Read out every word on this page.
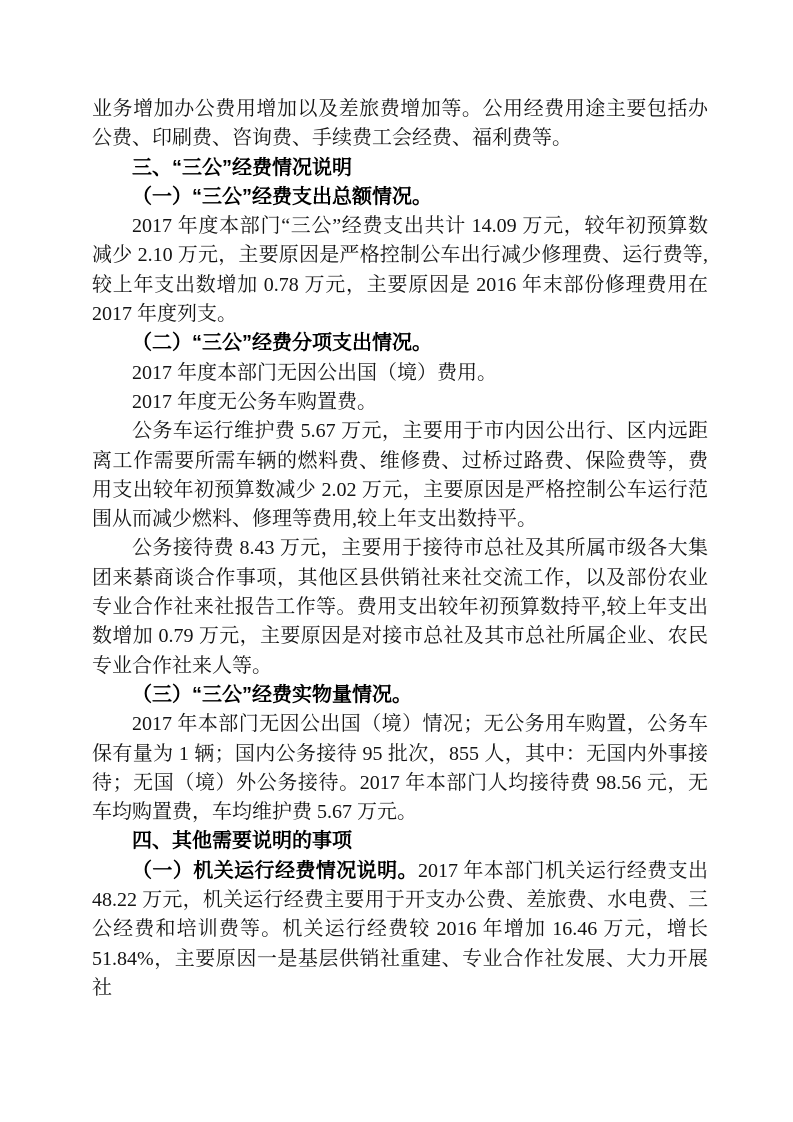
业务增加办公费用增加以及差旅费增加等。公用经费用途主要包括办公费、印刷费、咨询费、手续费工会经费、福利费等。

三、“三公”经费情况说明

（一）“三公”经费支出总额情况。

2017 年度本部门“三公”经费支出共计 14.09 万元，较年初预算数减少 2.10 万元，主要原因是严格控制公车出行减少修理费、运行费等,较上年支出数增加 0.78 万元，主要原因是 2016 年末部份修理费用在 2017 年度列支。

（二）“三公”经费分项支出情况。

2017 年度本部门无因公出国（境）费用。

2017 年度无公务车购置费。

公务车运行维护费 5.67 万元，主要用于市内因公出行、区内远距离工作需要所需车辆的燃料费、维修费、过桥过路费、保险费等，费用支出较年初预算数减少 2.02 万元，主要原因是严格控制公车运行范围从而减少燃料、修理等费用,较上年支出数持平。

公务接待费 8.43 万元，主要用于接待市总社及其所属市级各大集团来綦商谈合作事项，其他区县供销社来社交流工作，以及部份农业专业合作社来社报告工作等。费用支出较年初预算数持平,较上年支出数增加 0.79 万元，主要原因是对接市总社及其市总社所属企业、农民专业合作社来人等。

（三）“三公”经费实物量情况。

2017 年本部门无因公出国（境）情况；无公务用车购置，公务车保有量为 1 辆；国内公务接待 95 批次，855 人，其中：无国内外事接待；无国（境）外公务接待。2017 年本部门人均接待费 98.56 元，无车均购置费，车均维护费 5.67 万元。

四、其他需要说明的事项

（一）机关运行经费情况说明。2017 年本部门机关运行经费支出 48.22 万元，机关运行经费主要用于开支办公费、差旅费、水电费、三公经费和培训费等。机关运行经费较 2016 年增加 16.46 万元，增长 51.84%，主要原因一是基层供销社重建、专业合作社发展、大力开展社
